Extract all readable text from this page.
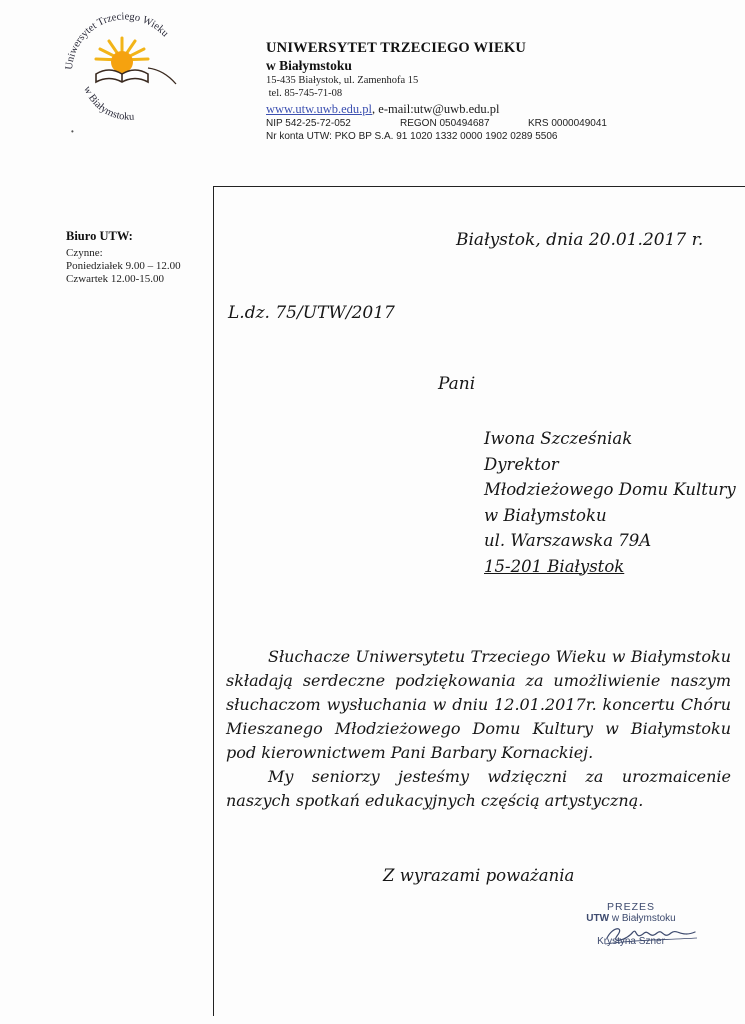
Uniwersytet Trzeciego Wieku
w Białymstoku
•
UNIWERSYTET TRZECIEGO WIEKU
w Białymstoku
15-435 Białystok, ul. Zamenhofa 15
tel. 85-745-71-08
www.utw.uwb.edu.pl, e-mail:utw@uwb.edu.pl
NIP 542-25-72-052	REGON 050494687	KRS 0000049041
Nr konta UTW: PKO BP S.A. 91 1020 1332 0000 1902 0289 5506
Biuro UTW:
Czynne:
Poniedziałek 9.00 – 12.00
Czwartek 12.00-15.00
Białystok, dnia 20.01.2017 r.
L.dz. 75/UTW/2017
Pani
Iwona Szcześniak
Dyrektor
Młodzieżowego Domu Kultury
w Białymstoku
ul. Warszawska 79A
15-201 Białystok

Słuchacze Uniwersytetu Trzeciego Wieku w Białymstoku składają serdeczne podziękowania za umożliwienie naszym słuchaczom wysłuchania w dniu 12.01.2017r. koncertu Chóru Mieszanego Młodzieżowego Domu Kultury w Białymstoku pod kierownictwem Pani Barbary Kornackiej.

My seniorzy jesteśmy wdzięczni za urozmaicenie naszych spotkań edukacyjnych częścią artystyczną.

Z wyrazami poważania
PREZES
UTW w Białymstoku
Krystyna Szner
